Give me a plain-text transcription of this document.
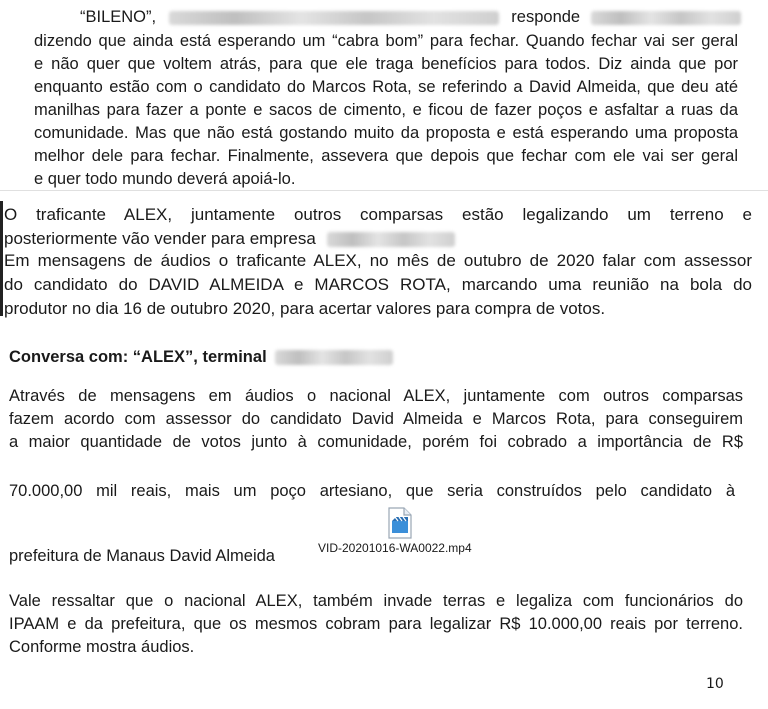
“BILENO”,	responde
dizendo que ainda está esperando um “cabra bom” para fechar. Quando fechar vai ser geral
e não quer que voltem atrás, para que ele traga benefícios para todos. Diz ainda que por
enquanto estão com o candidato do Marcos Rota, se referindo a David Almeida, que deu até
manilhas para fazer a ponte e sacos de cimento, e ficou de fazer poços e asfaltar a ruas da
comunidade. Mas que não está gostando muito da proposta e está esperando uma proposta
melhor dele para fechar. Finalmente, assevera que depois que fechar com ele vai ser geral
e quer todo mundo deverá apoiá-lo.
O traficante ALEX, juntamente outros comparsas estão legalizando um terreno e
posteriormente vão vender para empresa
Em mensagens de áudios o traficante ALEX, no mês de outubro de 2020 falar com assessor
do candidato do DAVID ALMEIDA e MARCOS ROTA, marcando uma reunião na bola do
produtor no dia 16 de outubro 2020, para acertar valores para compra de votos.
Conversa com: “ALEX”, terminal
Através de mensagens em áudios o nacional ALEX, juntamente com outros comparsas
fazem acordo com assessor do candidato David Almeida e Marcos Rota, para conseguirem
a maior quantidade de votos junto à comunidade, porém foi cobrado a importância de R$
70.000,00 mil reais, mais um poço artesiano, que seria construídos pelo candidato à
prefeitura de Manaus David Almeida
Vale ressaltar que o nacional ALEX, também invade terras e legaliza com funcionários do
IPAAM e da prefeitura, que os mesmos cobram para legalizar R$ 10.000,00 reais por terreno.
Conforme mostra áudios.
VID-20201016-WA0022.mp4
10
